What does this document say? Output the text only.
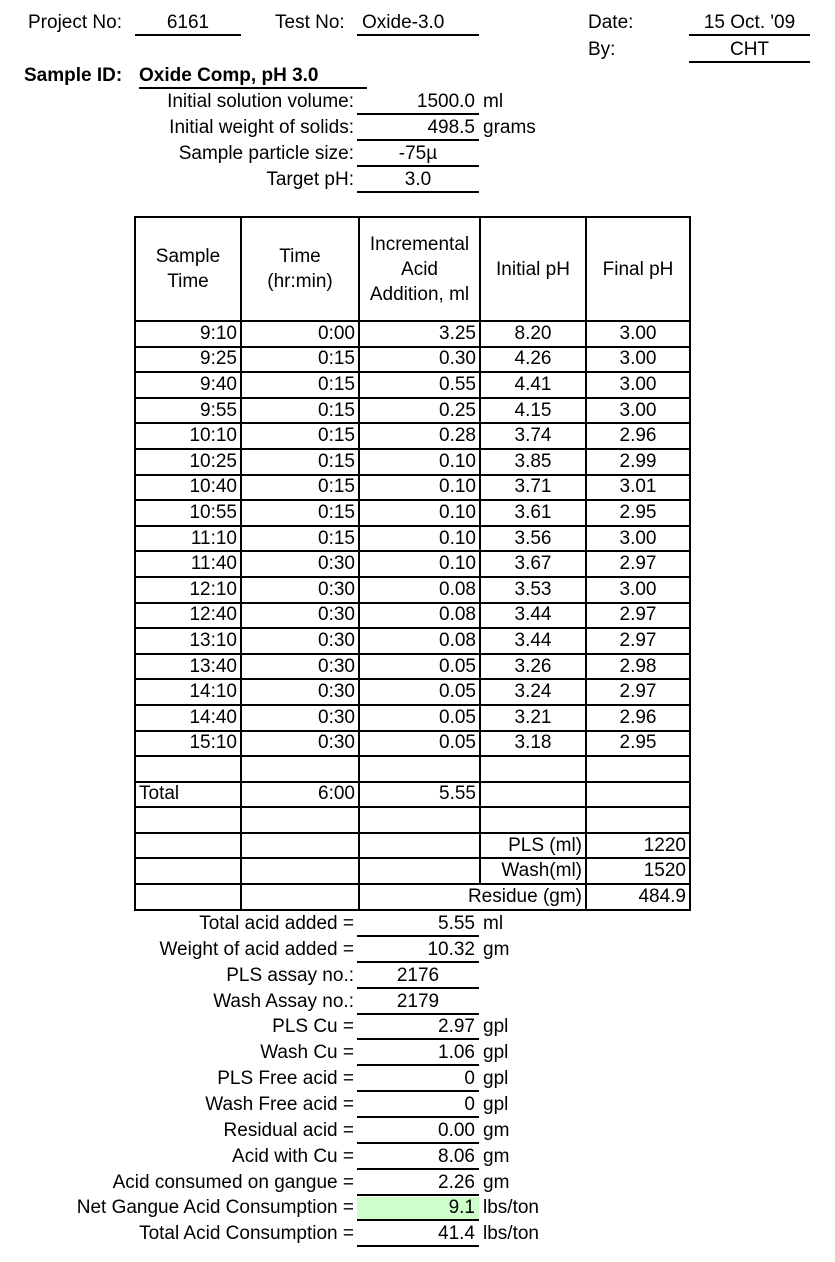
Project No:	6161	Test No: Oxide-3.0	Date:	15 Oct. '09
By:	CHT
Sample ID: Oxide Comp, pH 3.0
Initial solution volume:	1500.0 ml
Initial weight of solids:	498.5 grams
Sample particle size:	-75µ
Target pH:	3.0
Sample Time	Time (hr:min)	Incremental Acid Addition, ml	Initial pH	Final pH
9:10	0:00	3.25	8.20	3.00
9:25	0:15	0.30	4.26	3.00
9:40	0:15	0.55	4.41	3.00
9:55	0:15	0.25	4.15	3.00
10:10	0:15	0.28	3.74	2.96
10:25	0:15	0.10	3.85	2.99
10:40	0:15	0.10	3.71	3.01
10:55	0:15	0.10	3.61	2.95
11:10	0:15	0.10	3.56	3.00
11:40	0:30	0.10	3.67	2.97
12:10	0:30	0.08	3.53	3.00
12:40	0:30	0.08	3.44	2.97
13:10	0:30	0.08	3.44	2.97
13:40	0:30	0.05	3.26	2.98
14:10	0:30	0.05	3.24	2.97
14:40	0:30	0.05	3.21	2.96
15:10	0:30	0.05	3.18	2.95

Total	6:00	5.55		

			PLS (ml)	1220
			Wash(ml)	1520
		Residue (gm)		484.9
Total acid added =	5.55 ml
Weight of acid added =	10.32 gm
PLS assay no.:	2176
Wash Assay no.:	2179
PLS Cu =	2.97 gpl
Wash Cu =	1.06 gpl
PLS Free acid =	0 gpl
Wash Free acid =	0 gpl
Residual acid =	0.00 gm
Acid with Cu =	8.06 gm
Acid consumed on gangue =	2.26 gm
Net Gangue Acid Consumption =	9.1 lbs/ton
Total Acid Consumption =	41.4 lbs/ton
